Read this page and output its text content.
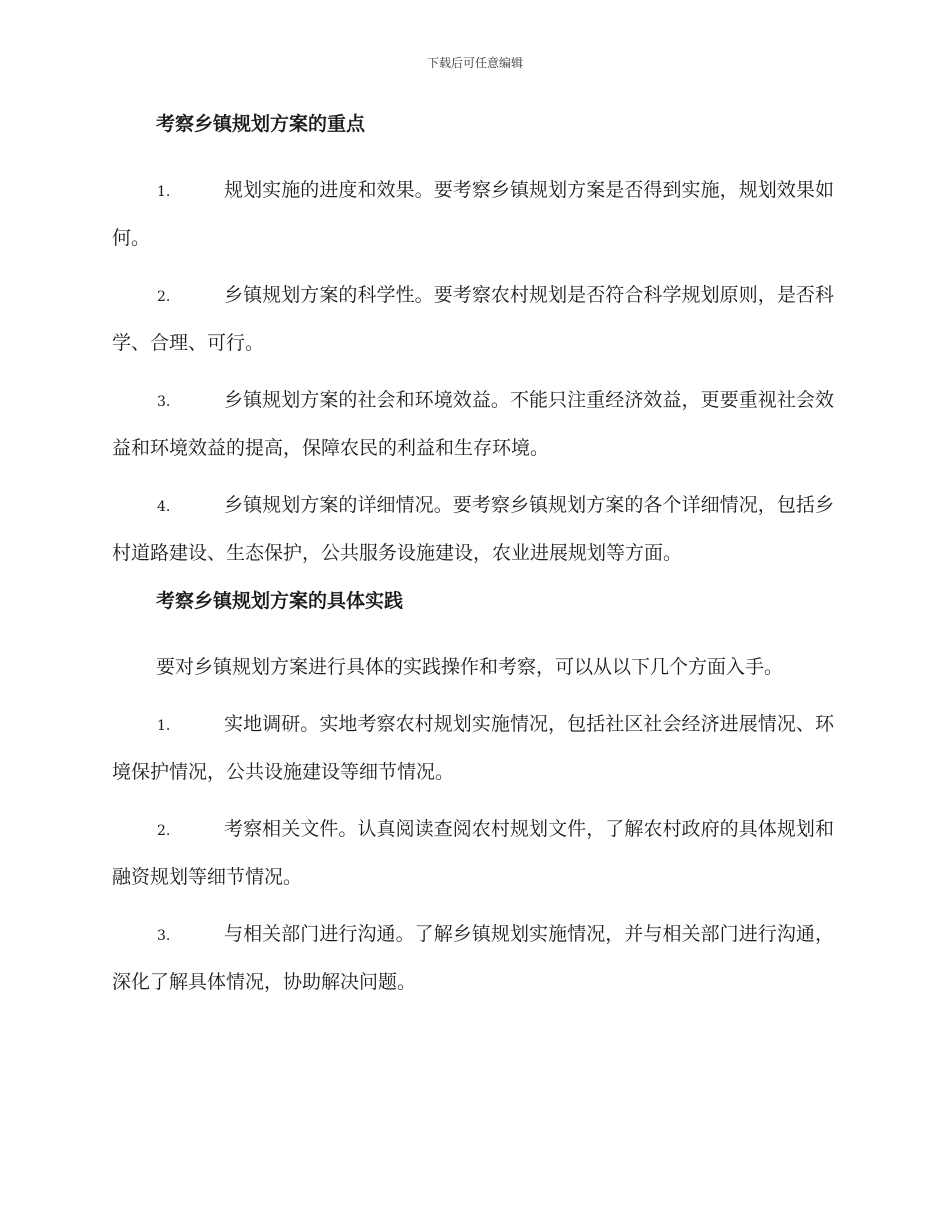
下载后可任意编辑
考察乡镇规划方案的重点
1.	规划实施的进度和效果。要考察乡镇规划方案是否得到实施，规划效果如何。
2.	乡镇规划方案的科学性。要考察农村规划是否符合科学规划原则，是否科学、合理、可行。
3.	乡镇规划方案的社会和环境效益。不能只注重经济效益，更要重视社会效益和环境效益的提高，保障农民的利益和生存环境。
4.	乡镇规划方案的详细情况。要考察乡镇规划方案的各个详细情况，包括乡村道路建设、生态保护，公共服务设施建设，农业进展规划等方面。
考察乡镇规划方案的具体实践
要对乡镇规划方案进行具体的实践操作和考察，可以从以下几个方面入手。
1.	实地调研。实地考察农村规划实施情况，包括社区社会经济进展情况、环境保护情况，公共设施建设等细节情况。
2.	考察相关文件。认真阅读查阅农村规划文件，了解农村政府的具体规划和融资规划等细节情况。
3.	与相关部门进行沟通。了解乡镇规划实施情况，并与相关部门进行沟通，深化了解具体情况，协助解决问题。
